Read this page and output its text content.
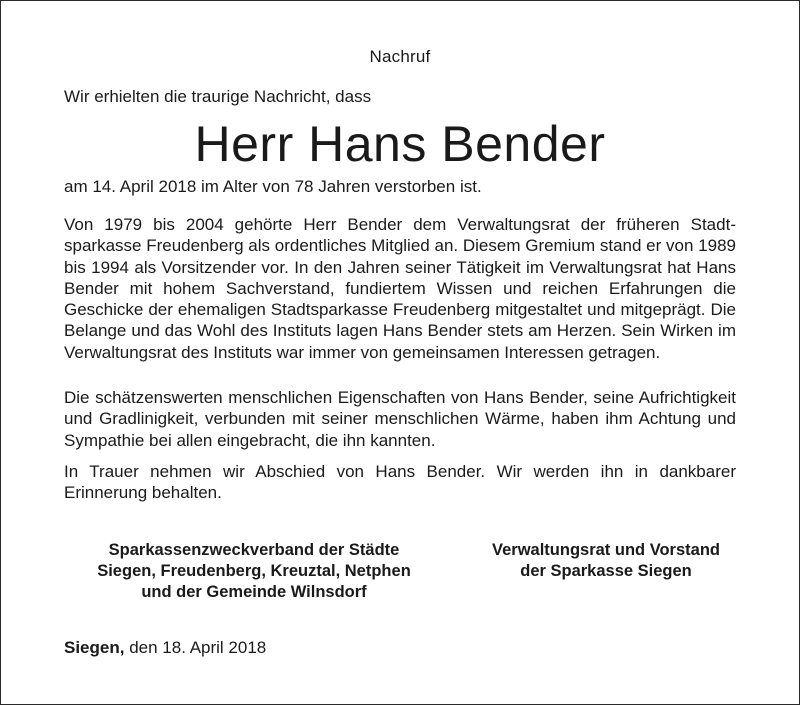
Nachruf
Wir erhielten die traurige Nachricht, dass
Herr Hans Bender
am 14. April 2018 im Alter von 78 Jahren verstorben ist.

Von 1979 bis 2004 gehörte Herr Bender dem Verwaltungsrat der früheren Stadtsparkasse Freudenberg als ordentliches Mitglied an. Diesem Gremium stand er von 1989 bis 1994 als Vorsitzender vor. In den Jahren seiner Tätigkeit im Verwaltungsrat hat Hans Bender mit hohem Sachverstand, fundiertem Wissen und reichen Erfahrungen die Geschicke der ehemaligen Stadtsparkasse Freudenberg mitgestaltet und mitgeprägt. Die Belange und das Wohl des Instituts lagen Hans Bender stets am Herzen. Sein Wirken im Verwaltungsrat des Instituts war immer von gemeinsamen Interessen getragen.

Die schätzenswerten menschlichen Eigenschaften von Hans Bender, seine Aufrichtigkeit und Gradlinigkeit, verbunden mit seiner menschlichen Wärme, haben ihm Achtung und Sympathie bei allen eingebracht, die ihn kannten.

In Trauer nehmen wir Abschied von Hans Bender. Wir werden ihn in dankbarer Erinnerung behalten.

Sparkassenzweckverband der Städte
Siegen, Freudenberg, Kreuztal, Netphen
und der Gemeinde Wilnsdorf
Verwaltungsrat und Vorstand
der Sparkasse Siegen
Siegen, den 18. April 2018
